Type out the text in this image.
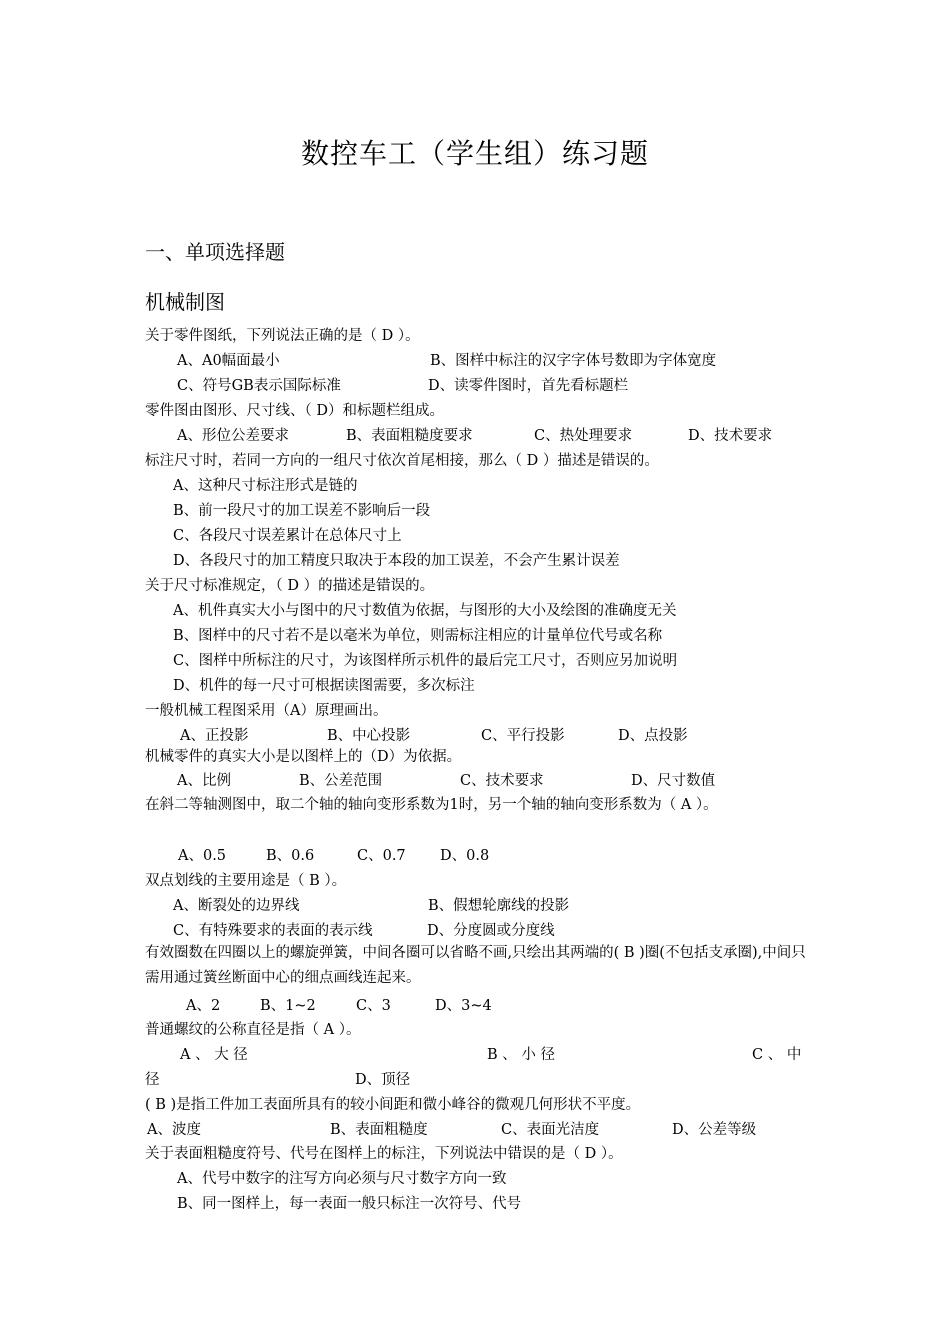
数控车工（学生组）练习题
一、单项选择题
机械制图
关于零件图纸，下列说法正确的是（ D ）。
A、A0幅面最小	B、图样中标注的汉字字体号数即为字体宽度
C、符号GB表示国际标准	D、读零件图时，首先看标题栏
零件图由图形、尺寸线、（ D）和标题栏组成。
A、形位公差要求	B、表面粗糙度要求	C、热处理要求	D、技术要求
标注尺寸时，若同一方向的一组尺寸依次首尾相接，那么（ D ）描述是错误的。
A、这种尺寸标注形式是链的
B、前一段尺寸的加工误差不影响后一段
C、各段尺寸误差累计在总体尺寸上
D、各段尺寸的加工精度只取决于本段的加工误差，不会产生累计误差
关于尺寸标准规定，（ D ）的描述是错误的。
A、机件真实大小与图中的尺寸数值为依据，与图形的大小及绘图的准确度无关
B、图样中的尺寸若不是以毫米为单位，则需标注相应的计量单位代号或名称
C、图样中所标注的尺寸，为该图样所示机件的最后完工尺寸，否则应另加说明
D、机件的每一尺寸可根据读图需要，多次标注
一般机械工程图采用（A）原理画出。
A、正投影	B、中心投影	C、平行投影	D、点投影
机械零件的真实大小是以图样上的（D）为依据。
A、比例	B、公差范围	C、技术要求	D、尺寸数值
在斜二等轴测图中，取二个轴的轴向变形系数为1时，另一个轴的轴向变形系数为（ A ）。
A、0.5	B、0.6	C、0.7 D、0.8
双点划线的主要用途是（ B ）。
A、断裂处的边界线	B、假想轮廓线的投影
C、有特殊要求的表面的表示线	D、分度圆或分度线
有效圈数在四圈以上的螺旋弹簧，中间各圈可以省略不画,只绘出其两端的( B )圈(不包括支承圈),中间只需用通过簧丝断面中心的细点画线连起来。
A、2	B、1~2	C、3	D、3~4
普通螺纹的公称直径是指（ A ）。
A 、 大 径	B 、 小 径	C 、 中
径	D、顶径
( B )是指工件加工表面所具有的较小间距和微小峰谷的微观几何形状不平度。
A、波度	B、表面粗糙度	C、表面光洁度	D、公差等级
关于表面粗糙度符号、代号在图样上的标注，下列说法中错误的是（ D ）。
A、代号中数字的注写方向必须与尺寸数字方向一致
B、同一图样上，每一表面一般只标注一次符号、代号
